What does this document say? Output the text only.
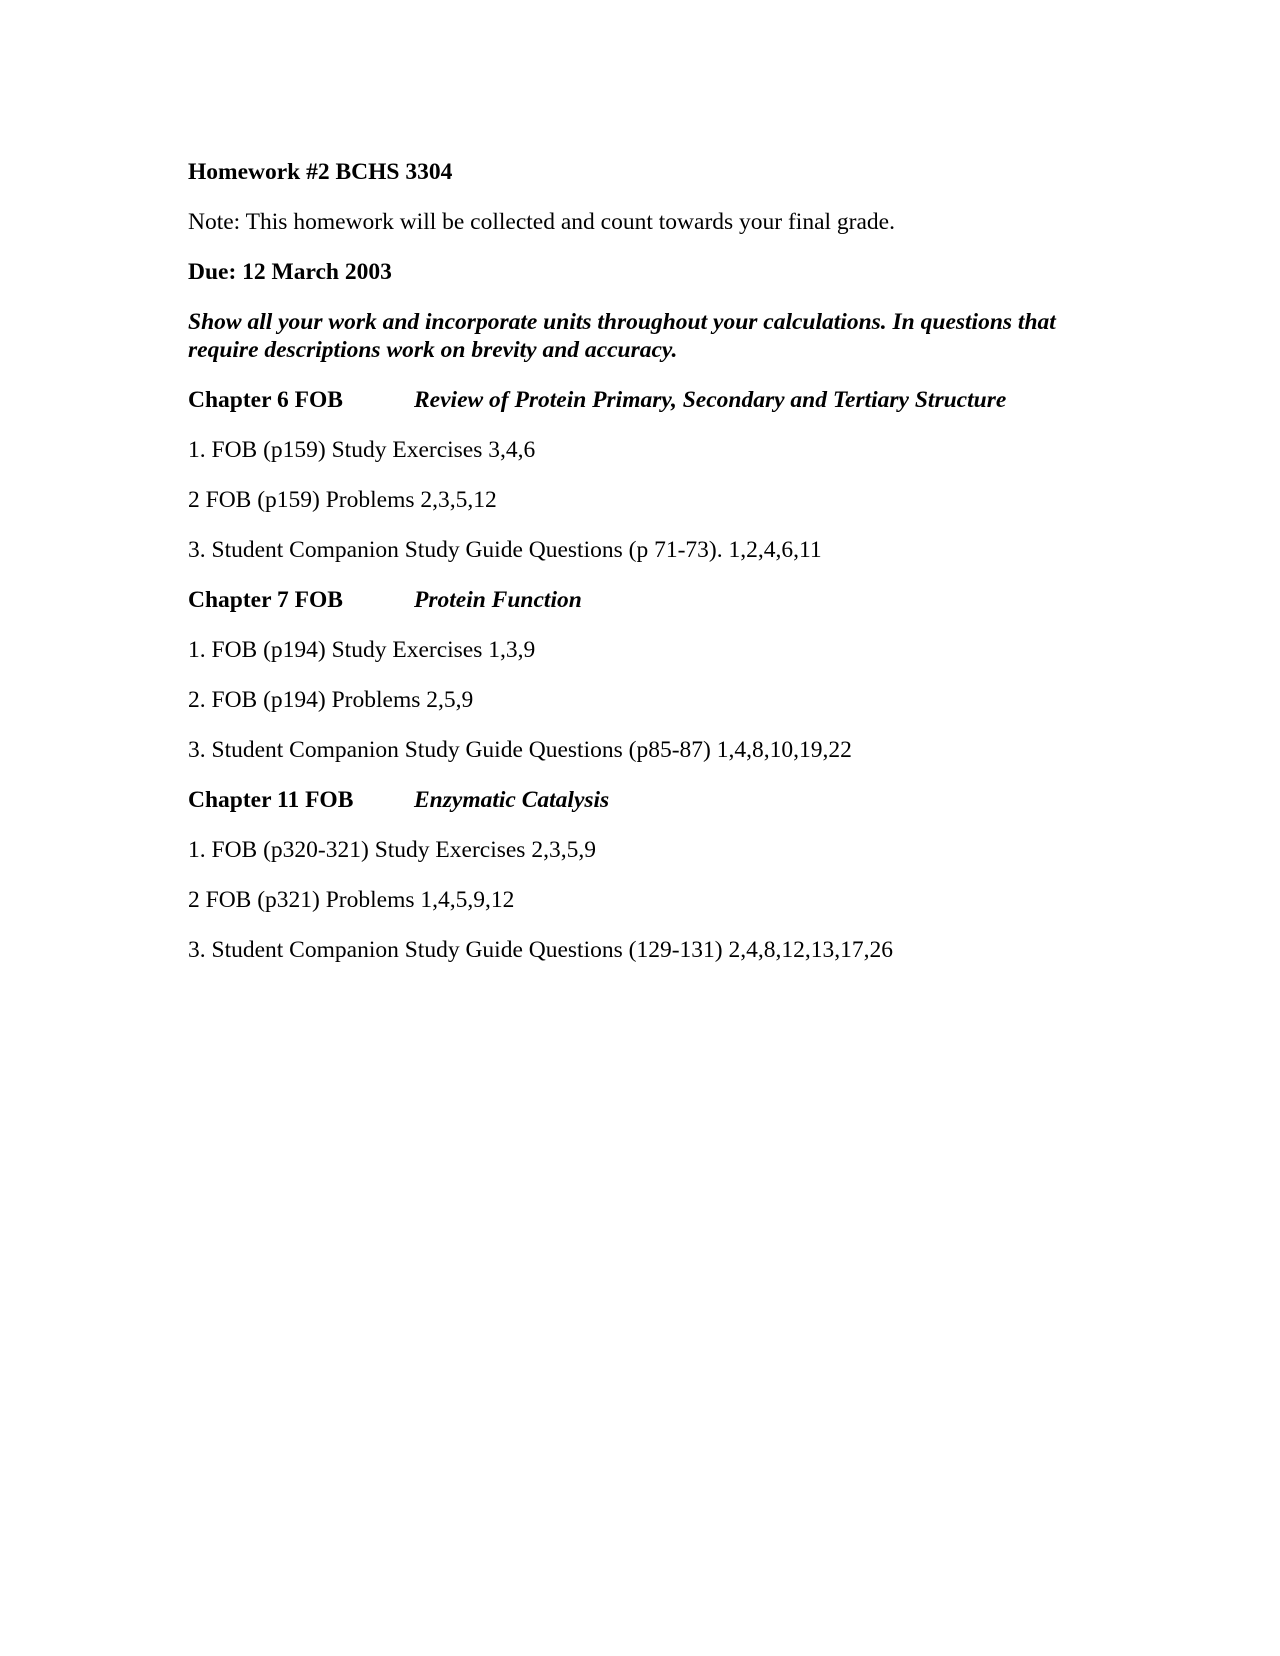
Homework #2 BCHS 3304

Note: This homework will be collected and count towards your final grade.

Due: 12 March 2003

Show all your work and incorporate units throughout your calculations. In questions that require descriptions work on brevity and accuracy.

Chapter 6 FOB	Review of Protein Primary, Secondary and Tertiary Structure

1. FOB (p159) Study Exercises 3,4,6

2 FOB (p159) Problems 2,3,5,12

3. Student Companion Study Guide Questions (p 71-73). 1,2,4,6,11

Chapter 7 FOB	Protein Function

1. FOB (p194) Study Exercises 1,3,9

2. FOB (p194) Problems 2,5,9

3. Student Companion Study Guide Questions (p85-87) 1,4,8,10,19,22

Chapter 11 FOB	Enzymatic Catalysis

1. FOB (p320-321) Study Exercises 2,3,5,9

2 FOB (p321) Problems 1,4,5,9,12

3. Student Companion Study Guide Questions (129-131) 2,4,8,12,13,17,26
